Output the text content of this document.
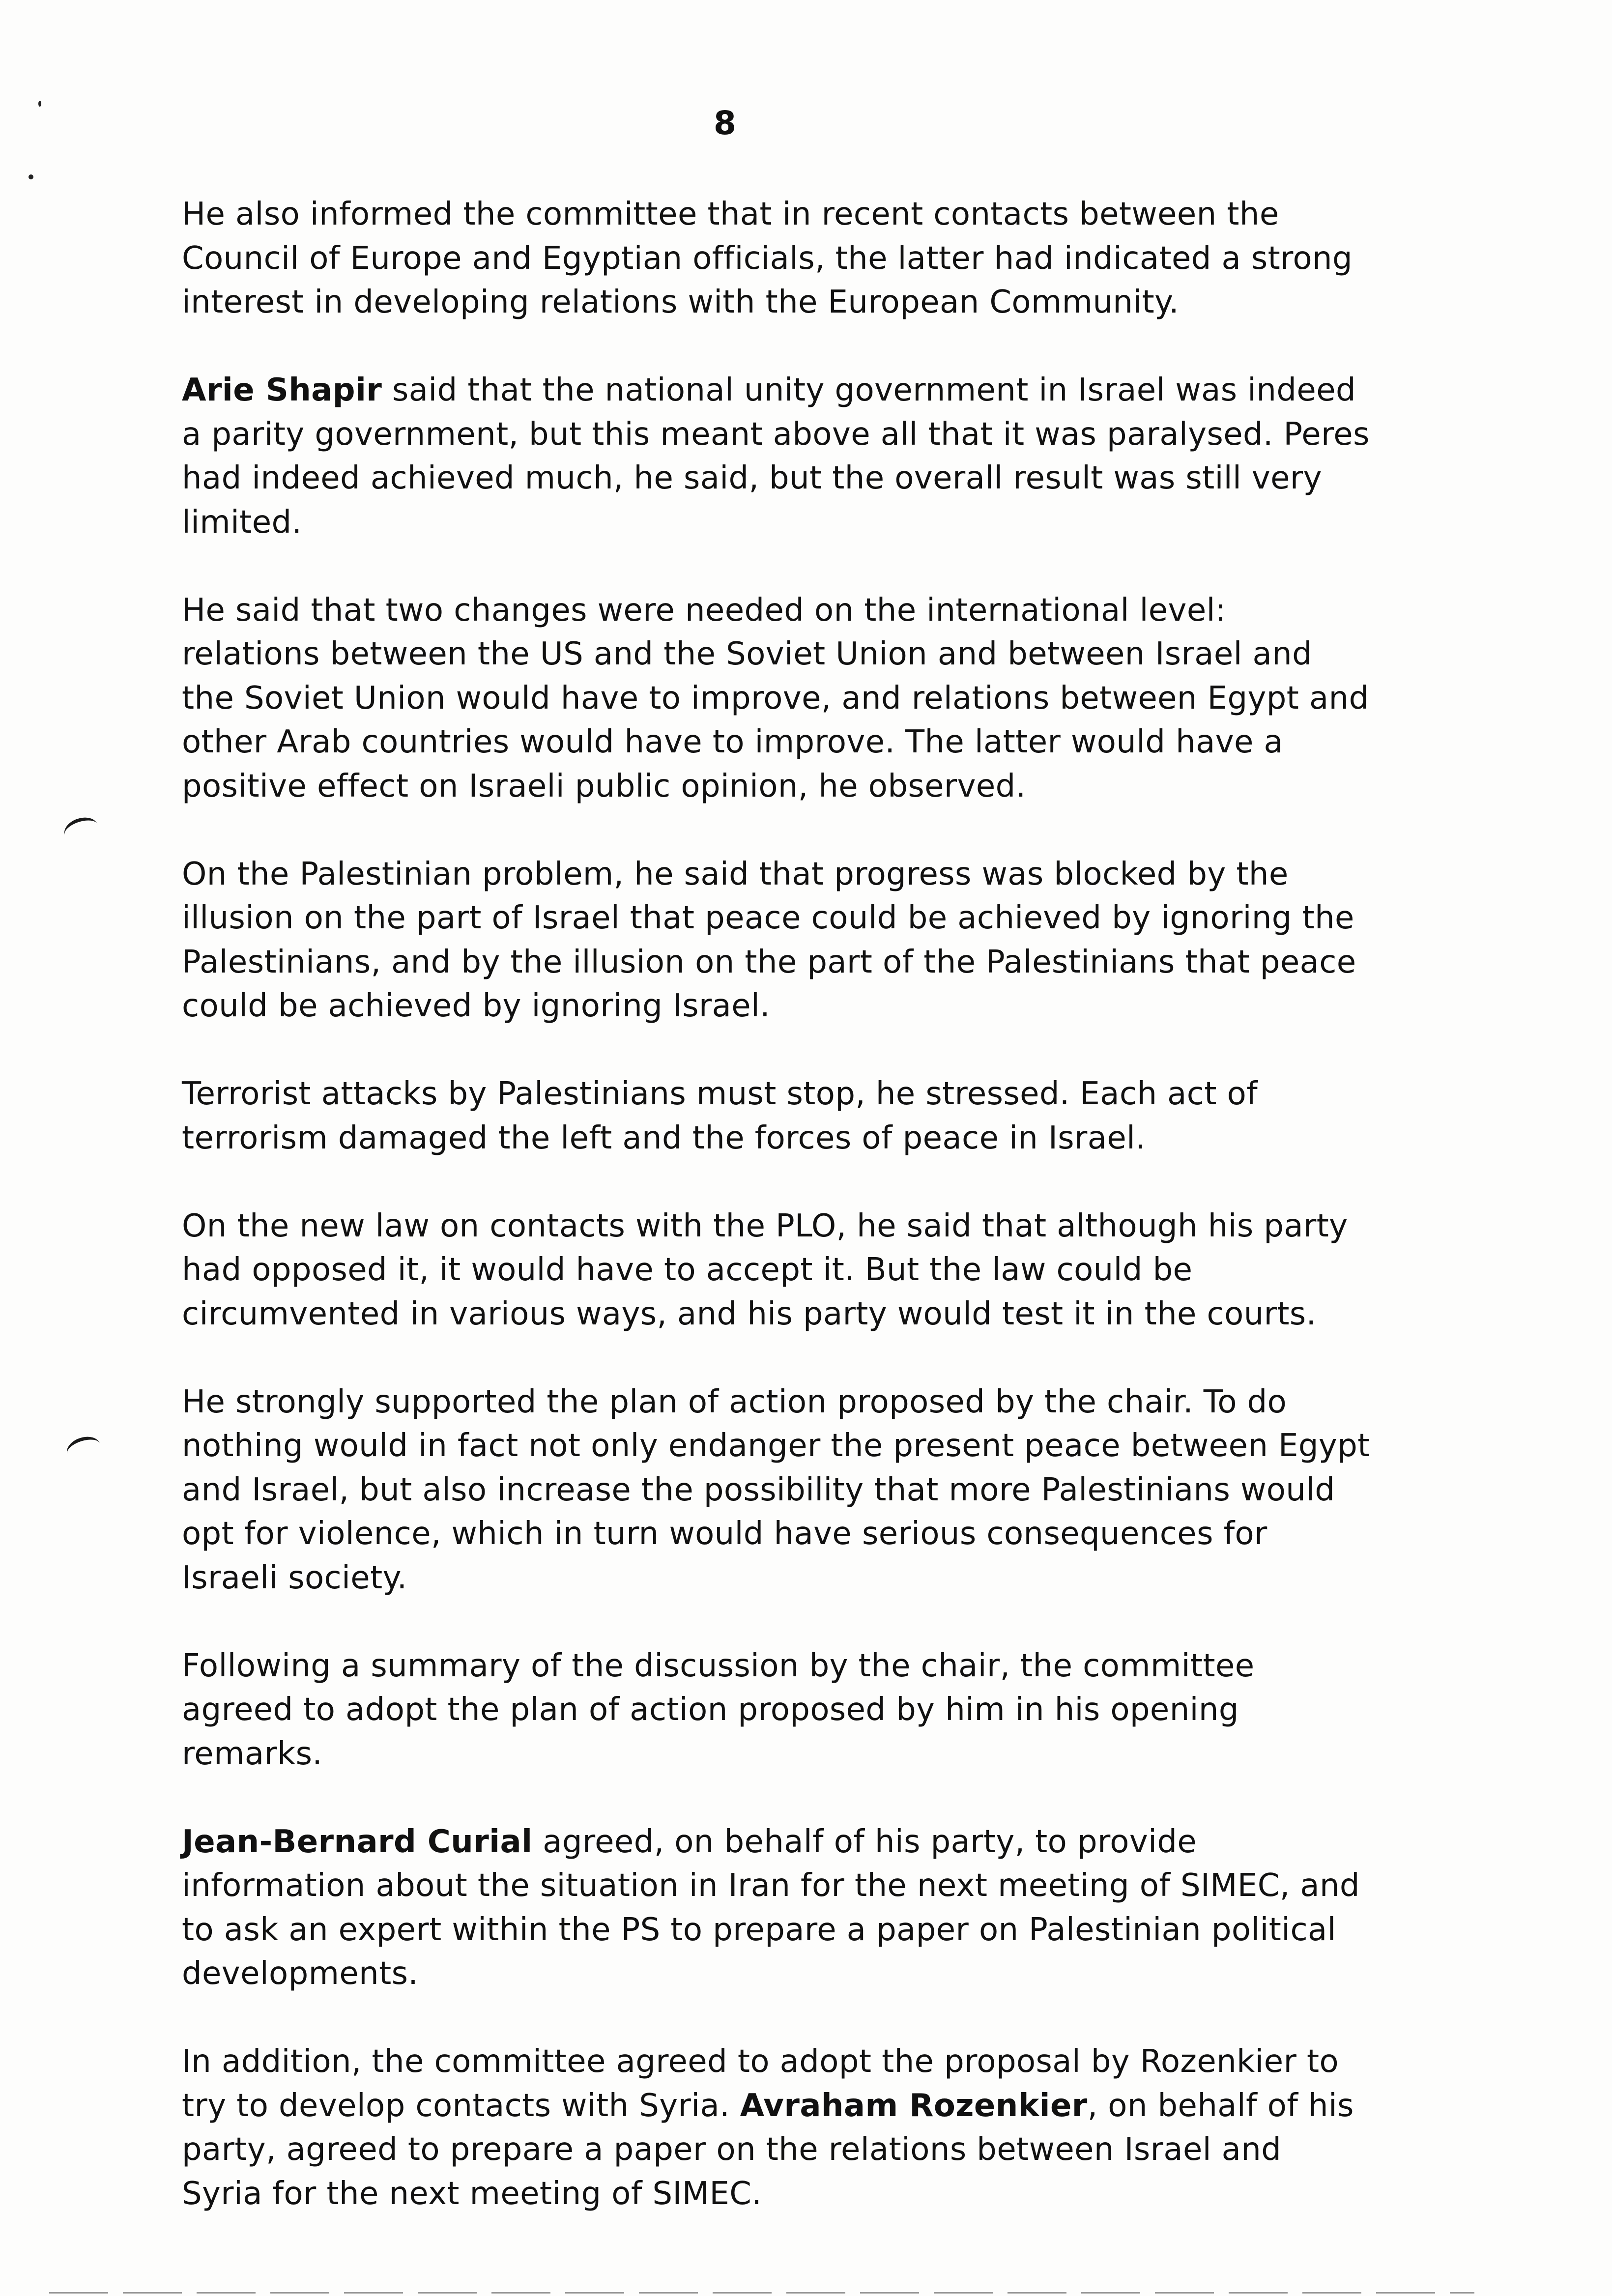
8

He also informed the committee that in recent contacts between the Council of Europe and Egyptian officials, the latter had indicated a strong interest in developing relations with the European Community.

Arie Shapir said that the national unity government in Israel was indeed a parity government, but this meant above all that it was paralysed. Peres had indeed achieved much, he said, but the overall result was still very limited.

He said that two changes were needed on the international level: relations between the US and the Soviet Union and between Israel and the Soviet Union would have to improve, and relations between Egypt and other Arab countries would have to improve. The latter would have a positive effect on Israeli public opinion, he observed.

On the Palestinian problem, he said that progress was blocked by the illusion on the part of Israel that peace could be achieved by ignoring the Palestinians, and by the illusion on the part of the Palestinians that peace could be achieved by ignoring Israel.

Terrorist attacks by Palestinians must stop, he stressed. Each act of terrorism damaged the left and the forces of peace in Israel.

On the new law on contacts with the PLO, he said that although his party had opposed it, it would have to accept it. But the law could be circumvented in various ways, and his party would test it in the courts.

He strongly supported the plan of action proposed by the chair. To do nothing would in fact not only endanger the present peace between Egypt and Israel, but also increase the possibility that more Palestinians would opt for violence, which in turn would have serious consequences for Israeli society.

Following a summary of the discussion by the chair, the committee agreed to adopt the plan of action proposed by him in his opening remarks.

Jean-Bernard Curial agreed, on behalf of his party, to provide information about the situation in Iran for the next meeting of SIMEC, and to ask an expert within the PS to prepare a paper on Palestinian political developments.

In addition, the committee agreed to adopt the proposal by Rozenkier to try to develop contacts with Syria. Avraham Rozenkier, on behalf of his party, agreed to prepare a paper on the relations between Israel and Syria for the next meeting of SIMEC.
